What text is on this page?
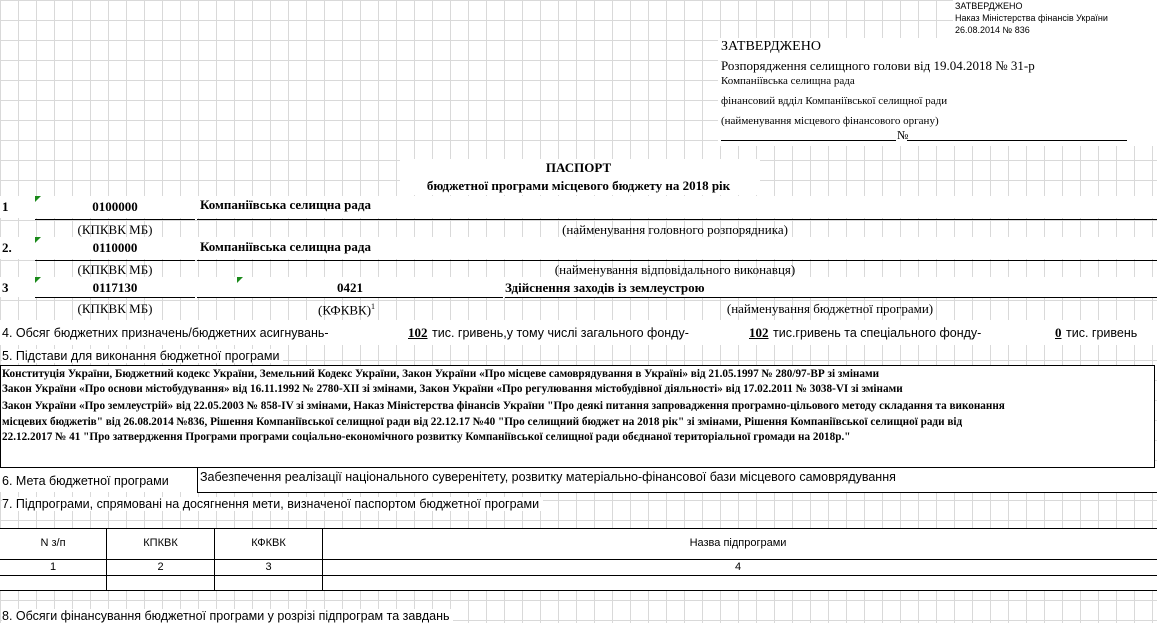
ЗАТВЕРДЖЕНО
Наказ Міністерства фінансів України
26.08.2014 № 836
ЗАТВЕРДЖЕНО
Розпорядження селищного голови від 19.04.2018 № 31-р
Компаніївська селищна рада
фінансовий вдділ Компаніївської селищної ради
(найменування місцевого фінансового органу)
№
ПАСПОРТ
бюджетної програми місцевого бюджету на 2018 рік
1	0100000	Компаніївська селищна рада
(КПКВК МБ)	(найменування головного розпорядника)
2.	0110000	Компаніївська селищна рада
(КПКВК МБ)	(найменування відповідального виконавця)
3	0117130	0421	Здійснення заходів із землеустрою
(КПКВК МБ)	(КФКВК)$^1$	(найменування бюджетної програми)
4. Обсяг бюджетних призначень/бюджетних асигнувань-	102 тис. гривень,у тому числі загального фонду-	102 тис.гривень та спеціального фонду-	0 тис. гривень
5. Підстави для виконання бюджетної програми
Конституція України, Бюджетний кодекс України, Земельний Кодекс України, Закон України «Про місцеве самоврядування в Україні» від 21.05.1997 № 280/97-ВР зі змінами
Закон України «Про основи містобудування» від 16.11.1992 № 2780-XII зі змінами, Закон України «Про регулювання містобудівної діяльності» від 17.02.2011 № 3038-VI зі змінами
Закон України «Про землеустрій» від 22.05.2003 № 858-IV зі змінами, Наказ Міністерства фінансів України "Про деякі питання запровадження програмно-цільового методу складання та виконання
місцевих бюджетів" від 26.08.2014 №836, Рішення Компаніївської селищної ради від 22.12.17 №40 "Про селищний бюджет на 2018 рік" зі змінами, Рішення Компаніївської селищної ради від
22.12.2017 № 41 "Про затвердження Програми програми соціально-економічного розвитку Компаніївської селищної ради обєднаної територіальної громади на 2018р."
6. Мета бюджетної програми	Забезпечення реалізації національного суверенітету, розвитку матеріально-фінансової бази місцевого самоврядування
7. Підпрограми, спрямовані на досягнення мети, визначеної паспортом бюджетної програми
N з/п	КПКВК	КФКВК	Назва підпрограми
1	2	3	4
8. Обсяги фінансування бюджетної програми у розрізі підпрограм та завдань
